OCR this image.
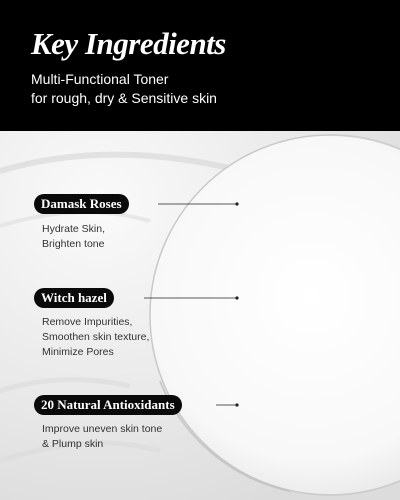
Key Ingredients
Multi-Functional Toner
for rough, dry & Sensitive skin
Damask Roses
Hydrate Skin,
Brighten tone
Witch hazel
Remove Impurities,
Smoothen skin texture,
Minimize Pores
20 Natural Antioxidants
Improve uneven skin tone
& Plump skin
